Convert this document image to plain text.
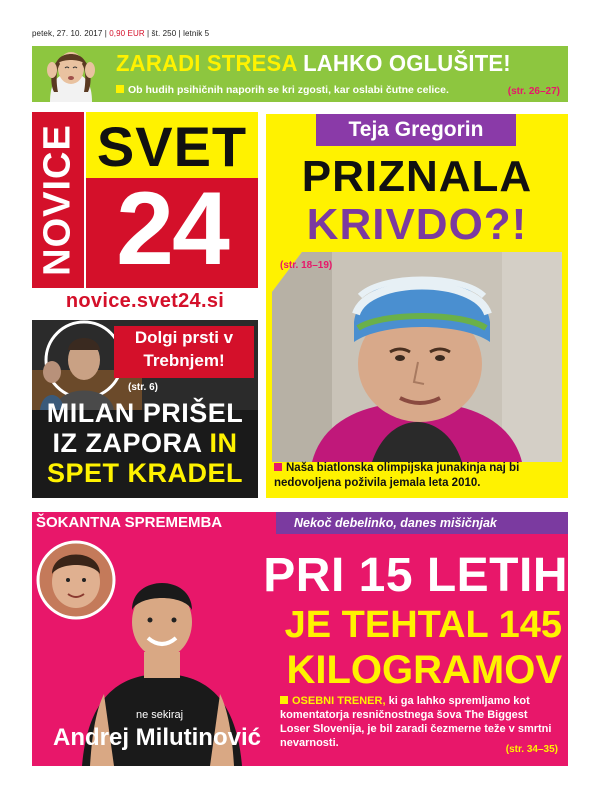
petek, 27. 10. 2017 | 0,90 EUR | št. 250 | letnik 5
ZARADI STRESA LAHKO OGLUŠITE!
Ob hudih psihičnih naporih se kri zgosti, kar oslabi čutne celice.	(str. 26–27)
NOVICE SVET
24
novice.svet24.si
Teja Gregorin
PRIZNALA
KRIVDO?!
(str. 18–19)
Naša biatlonska olimpijska junakinja naj bi nedovoljena poživila jemala leta 2010.
Dolgi prsti v Trebnjem!
(str. 6)
MILAN PRIŠEL
IZ ZAPORA IN
SPET KRADEL
ŠOKANTNA SPREMEMBA	Nekoč debelinko, danes mišičnjak
ne sekiraj
Andrej Milutinović
PRI 15 LETIH
JE TEHTAL 145
KILOGRAMOV
OSEBNI TRENER, ki ga lahko spremljamo kot komentatorja resničnostnega šova The Biggest Loser Slovenija, je bil zaradi čezmerne teže v smrtni nevarnosti.
(str. 34–35)
